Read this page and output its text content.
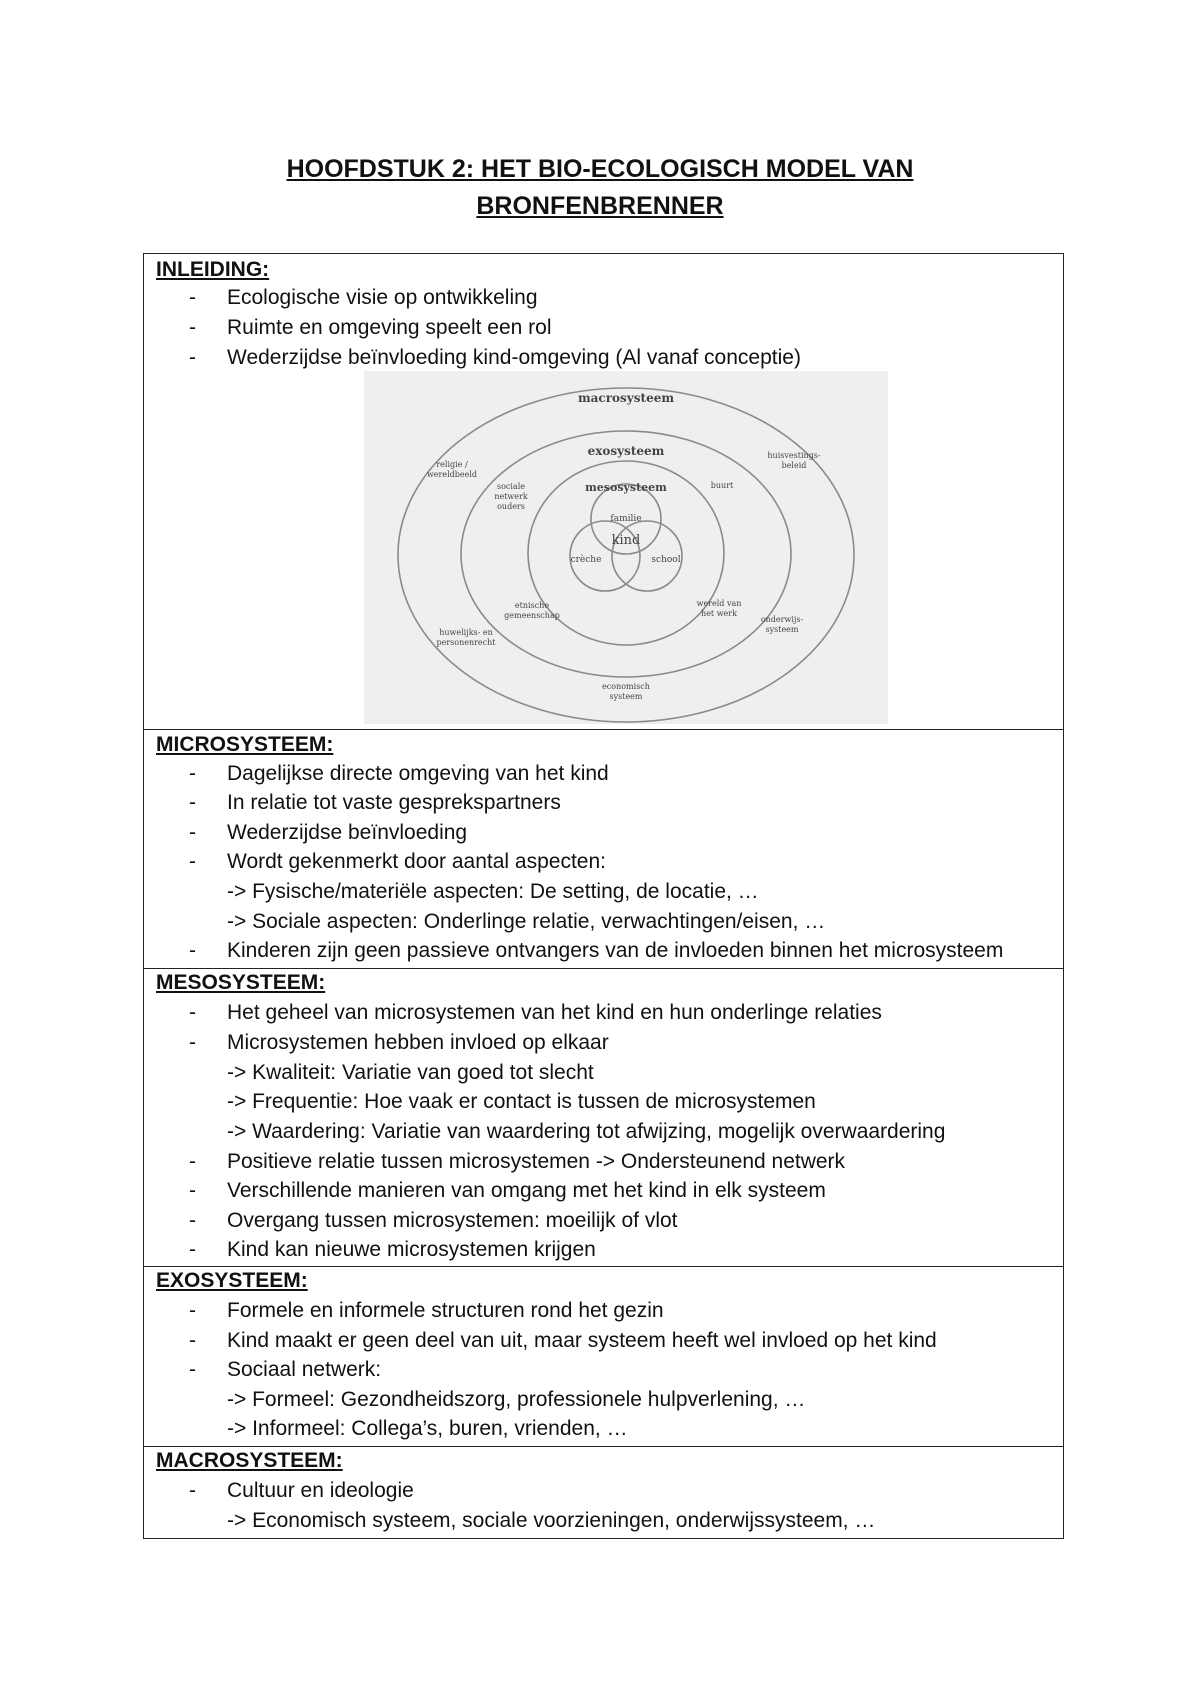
HOOFDSTUK 2: HET BIO-ECOLOGISCH MODEL VAN
BRONFENBRENNER
INLEIDING:
- Ecologische visie op ontwikkeling
- Ruimte en omgeving speelt een rol
- Wederzijdse beïnvloeding kind-omgeving (Al vanaf conceptie)
macrosysteem
exosysteem
mesosysteem
familie
kind
crèche	school
religie /
wereldbeeld
sociale
netwerk
ouders
buurt
huisvestings-
beleid
etnische
gemeenschap
wereld van
het werk
onderwijs-
systeem
huwelijks- en
personenrecht
economisch
systeem
MICROSYSTEEM:
- Dagelijkse directe omgeving van het kind
- In relatie tot vaste gesprekspartners
- Wederzijdse beïnvloeding
- Wordt gekenmerkt door aantal aspecten:
-> Fysische/materiële aspecten: De setting, de locatie, …
-> Sociale aspecten: Onderlinge relatie, verwachtingen/eisen, …
- Kinderen zijn geen passieve ontvangers van de invloeden binnen het microsysteem
MESOSYSTEEM:
- Het geheel van microsystemen van het kind en hun onderlinge relaties
- Microsystemen hebben invloed op elkaar
-> Kwaliteit: Variatie van goed tot slecht
-> Frequentie: Hoe vaak er contact is tussen de microsystemen
-> Waardering: Variatie van waardering tot afwijzing, mogelijk overwaardering
- Positieve relatie tussen microsystemen -> Ondersteunend netwerk
- Verschillende manieren van omgang met het kind in elk systeem
- Overgang tussen microsystemen: moeilijk of vlot
- Kind kan nieuwe microsystemen krijgen
EXOSYSTEEM:
- Formele en informele structuren rond het gezin
- Kind maakt er geen deel van uit, maar systeem heeft wel invloed op het kind
- Sociaal netwerk:
-> Formeel: Gezondheidszorg, professionele hulpverlening, …
-> Informeel: Collega’s, buren, vrienden, …
MACROSYSTEEM:
- Cultuur en ideologie
-> Economisch systeem, sociale voorzieningen, onderwijssysteem, …
